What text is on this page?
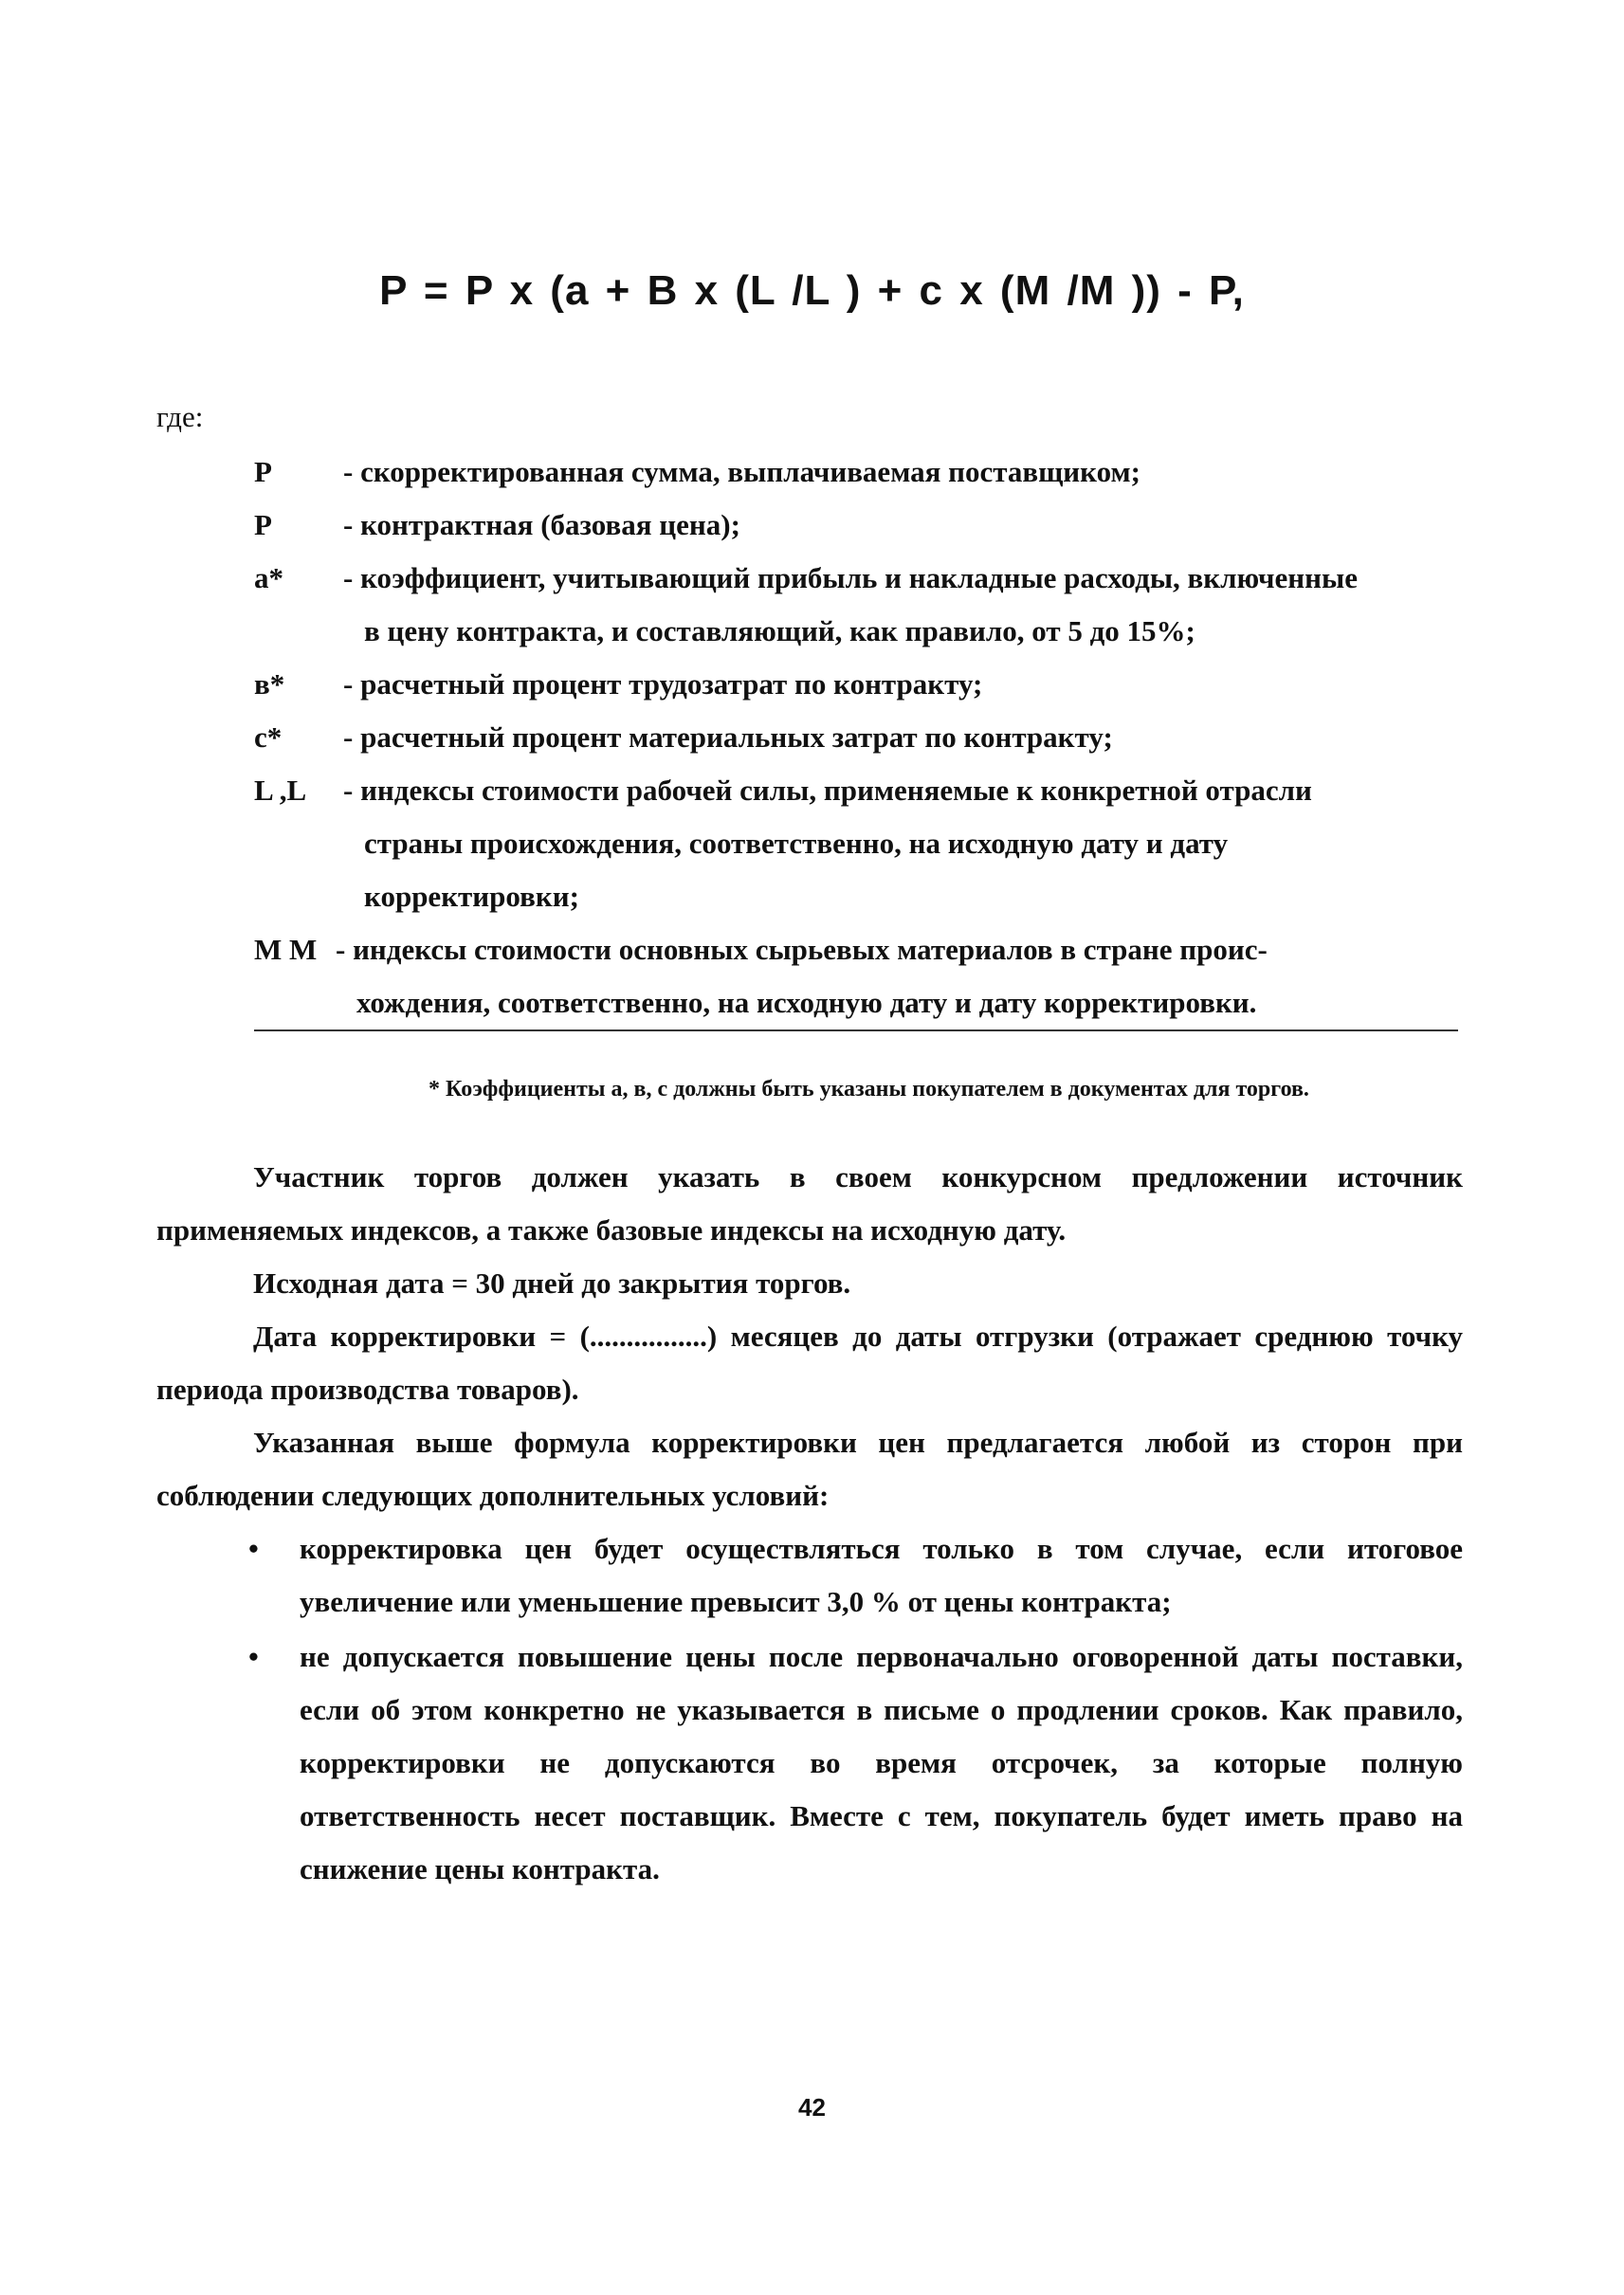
P = P x (a + B x (L /L ) + c x (M /M )) - P,
где:
P	- скорректированная сумма, выплачиваемая поставщиком;
P	- контрактная (базовая цена);
a*	- коэффициент, учитывающий прибыль и накладные расходы, включенные
в цену контракта, и составляющий, как правило, от 5 до 15%;
в*	- расчетный процент трудозатрат по контракту;
c*	- расчетный процент материальных затрат по контракту;
L ,L	- индексы стоимости рабочей силы, применяемые к конкретной отрасли
страны происхождения, соответственно, на исходную дату и дату
корректировки;
M M - индексы стоимости основных сырьевых материалов в стране проис-
хождения, соответственно, на исходную дату и дату корректировки.
* Коэффициенты а, в, с должны быть указаны покупателем в документах для торгов.

Участник торгов должен указать в своем конкурсном предложении источник применяемых индексов, а также базовые индексы на исходную дату.

Исходная дата = 30 дней до закрытия торгов.

Дата корректировки = (................) месяцев до даты отгрузки (отражает среднюю точку периода производства товаров).

Указанная выше формула корректировки цен предлагается любой из сторон при соблюдении следующих дополнительных условий:

• корректировка цен будет осуществляться только в том случае, если итоговое увеличение или уменьшение превысит 3,0 % от цены контракта;
• не допускается повышение цены после первоначально оговоренной даты поставки, если об этом конкретно не указывается в письме о продлении сроков. Как правило, корректировки не допускаются во время отсрочек, за которые полную ответственность несет поставщик. Вместе с тем, покупатель будет иметь право на снижение цены контракта.
42
